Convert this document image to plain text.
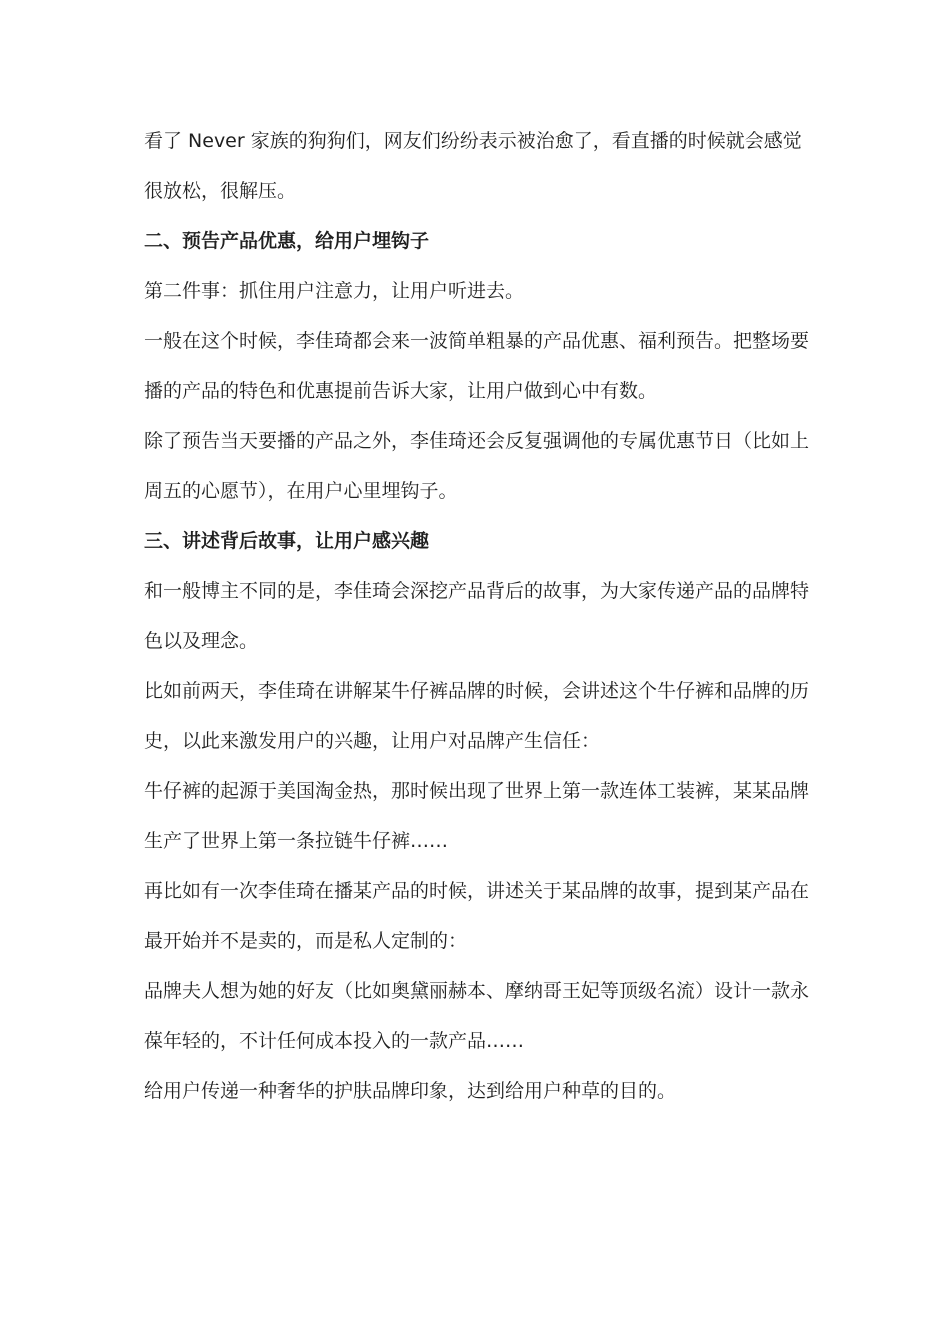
看了 Never 家族的狗狗们，网友们纷纷表示被治愈了，看直播的时候就会感觉很放松，很解压。

二、预告产品优惠，给用户埋钩子

第二件事：抓住用户注意力，让用户听进去。

一般在这个时候，李佳琦都会来一波简单粗暴的产品优惠、福利预告。把整场要播的产品的特色和优惠提前告诉大家，让用户做到心中有数。

除了预告当天要播的产品之外，李佳琦还会反复强调他的专属优惠节日（比如上周五的心愿节），在用户心里埋钩子。

三、讲述背后故事，让用户感兴趣

和一般博主不同的是，李佳琦会深挖产品背后的故事，为大家传递产品的品牌特色以及理念。

比如前两天，李佳琦在讲解某牛仔裤品牌的时候，会讲述这个牛仔裤和品牌的历史，以此来激发用户的兴趣，让用户对品牌产生信任：

牛仔裤的起源于美国淘金热，那时候出现了世界上第一款连体工装裤，某某品牌生产了世界上第一条拉链牛仔裤……

再比如有一次李佳琦在播某产品的时候，讲述关于某品牌的故事，提到某产品在最开始并不是卖的，而是私人定制的：

品牌夫人想为她的好友（比如奥黛丽赫本、摩纳哥王妃等顶级名流）设计一款永葆年轻的，不计任何成本投入的一款产品……

给用户传递一种奢华的护肤品牌印象，达到给用户种草的目的。
